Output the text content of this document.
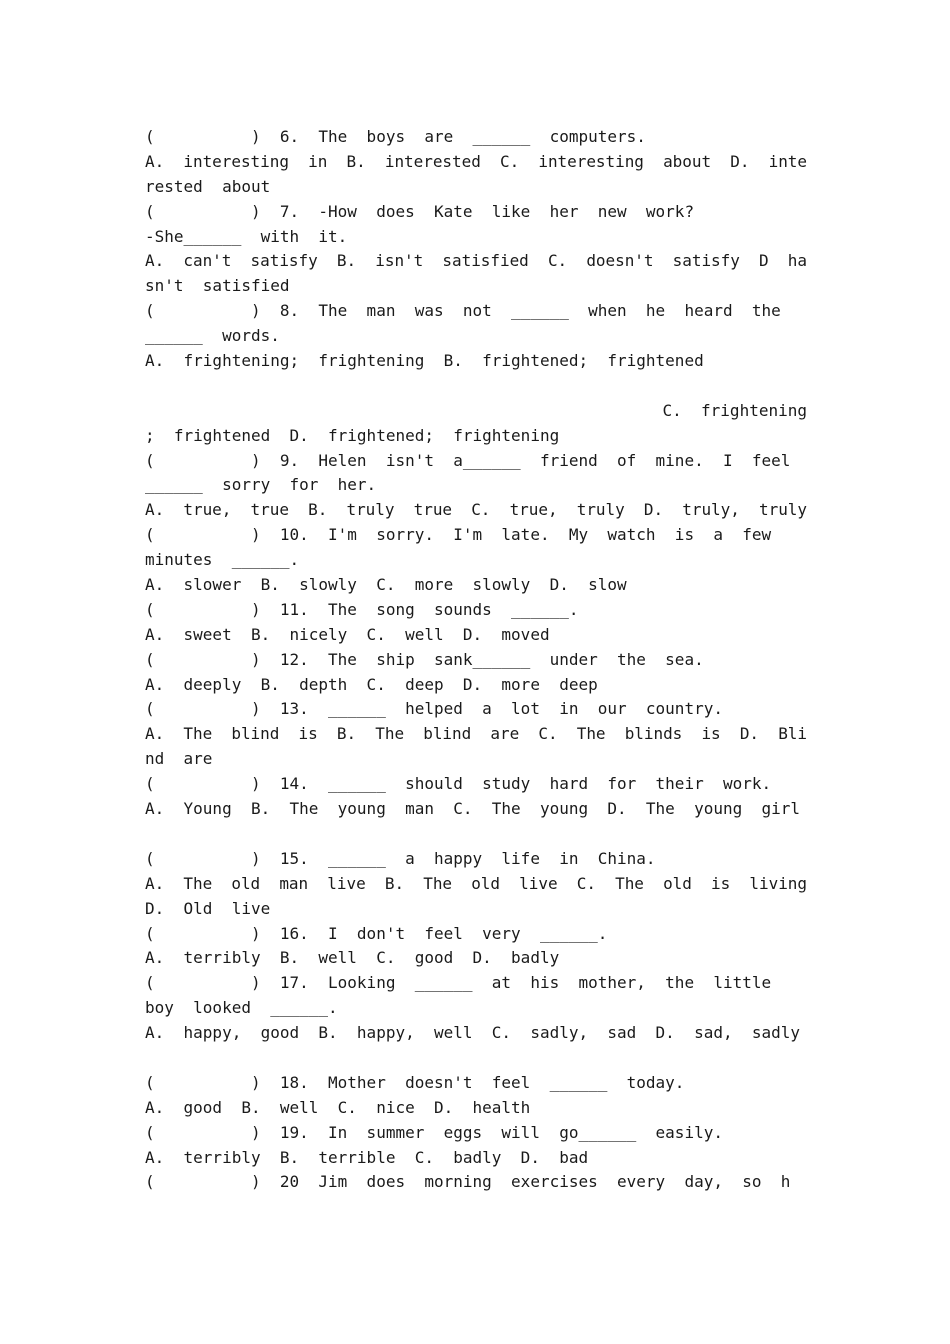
(          )  6.  The  boys  are  ______  computers.
A.  interesting  in  B.  interested  C.  interesting  about  D.  inte
rested  about
(          )  7.  -How  does  Kate  like  her  new  work?
-She______  with  it.
A.  can't  satisfy  B.  isn't  satisfied  C.  doesn't  satisfy  D  ha
sn't  satisfied
(          )  8.  The  man  was  not  ______  when  he  heard  the
______  words.
A.  frightening;  frightening  B.  frightened;  frightened
C.  frightening
;  frightened  D.  frightened;  frightening
(          )  9.  Helen  isn't  a______  friend  of  mine.  I  feel
______  sorry  for  her.
A.  true,  true  B.  truly  true  C.  true,  truly  D.  truly,  truly
(          )  10.  I'm  sorry.  I'm  late.  My  watch  is  a  few
minutes  ______.
A.  slower  B.  slowly  C.  more  slowly  D.  slow
(          )  11.  The  song  sounds  ______.
A.  sweet  B.  nicely  C.  well  D.  moved
(          )  12.  The  ship  sank______  under  the  sea.
A.  deeply  B.  depth  C.  deep  D.  more  deep
(          )  13.  ______  helped  a  lot  in  our  country.
A.  The  blind  is  B.  The  blind  are  C.  The  blinds  is  D.  Bli
nd  are
(          )  14.  ______  should  study  hard  for  their  work.
A.  Young  B.  The  young  man  C.  The  young  D.  The  young  girl
(          )  15.  ______  a  happy  life  in  China.
A.  The  old  man  live  B.  The  old  live  C.  The  old  is  living
D.  Old  live
(          )  16.  I  don't  feel  very  ______.
A.  terribly  B.  well  C.  good  D.  badly
(          )  17.  Looking  ______  at  his  mother,  the  little
boy  looked  ______.
A.  happy,  good  B.  happy,  well  C.  sadly,  sad  D.  sad,  sadly
(          )  18.  Mother  doesn't  feel  ______  today.
A.  good  B.  well  C.  nice  D.  health
(          )  19.  In  summer  eggs  will  go______  easily.
A.  terribly  B.  terrible  C.  badly  D.  bad
(          )  20  Jim  does  morning  exercises  every  day,  so  h
